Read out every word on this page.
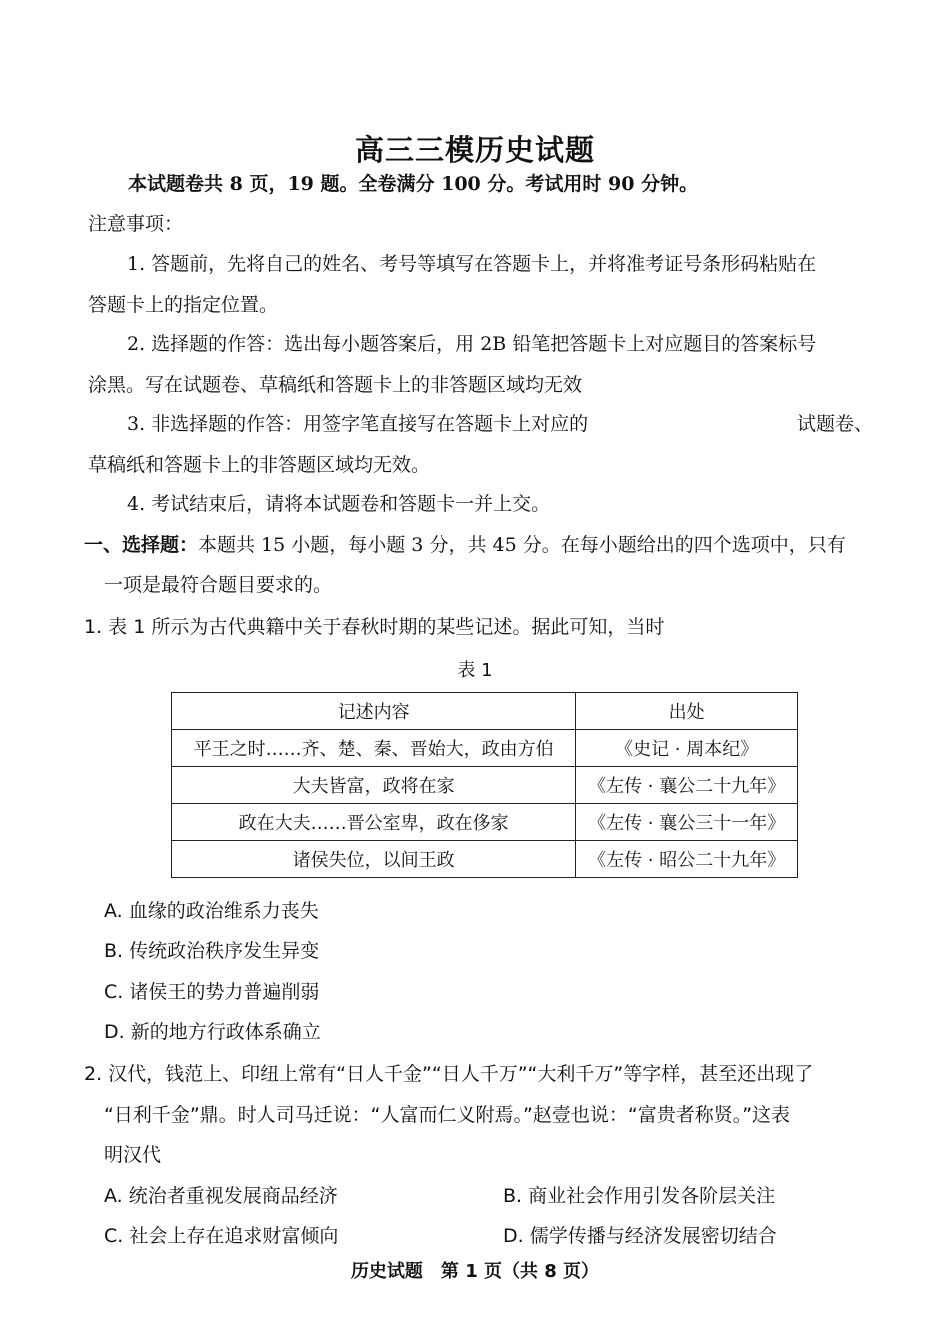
高三三模历史试题
本试题卷共 8 页，19 题。全卷满分 100 分。考试用时 90 分钟。
注意事项：
1. 答题前，先将自己的姓名、考号等填写在答题卡上，并将准考证号条形码粘贴在
答题卡上的指定位置。
2. 选择题的作答：选出每小题答案后，用 2B 铅笔把答题卡上对应题目的答案标号
涂黑。写在试题卷、草稿纸和答题卡上的非答题区域均无效
3. 非选择题的作答：用签字笔直接写在答题卡上对应的	试题卷、
草稿纸和答题卡上的非答题区域均无效。
4. 考试结束后，请将本试题卷和答题卡一并上交。
一、选择题：本题共 15 小题，每小题 3 分，共 45 分。在每小题给出的四个选项中，只有
一项是最符合题目要求的。
1. 表 1 所示为古代典籍中关于春秋时期的某些记述。据此可知，当时
表 1
记述内容	出处
平王之时……齐、楚、秦、晋始大，政由方伯	《史记 · 周本纪》
大夫皆富，政将在家	《左传 · 襄公二十九年》
政在大夫……晋公室卑，政在侈家	《左传 · 襄公三十一年》
诸侯失位，以间王政	《左传 · 昭公二十九年》
A. 血缘的政治维系力丧失
B. 传统政治秩序发生异变
C. 诸侯王的势力普遍削弱
D. 新的地方行政体系确立
2. 汉代，钱范上、印纽上常有“日人千金”“日人千万”“大利千万”等字样，甚至还出现了
“日利千金”鼎。时人司马迁说：“人富而仁义附焉。”赵壹也说：“富贵者称贤。”这表
明汉代
A. 统治者重视发展商品经济	B. 商业社会作用引发各阶层关注
C. 社会上存在追求财富倾向	D. 儒学传播与经济发展密切结合
历史试题　第 1 页（共 8 页）
